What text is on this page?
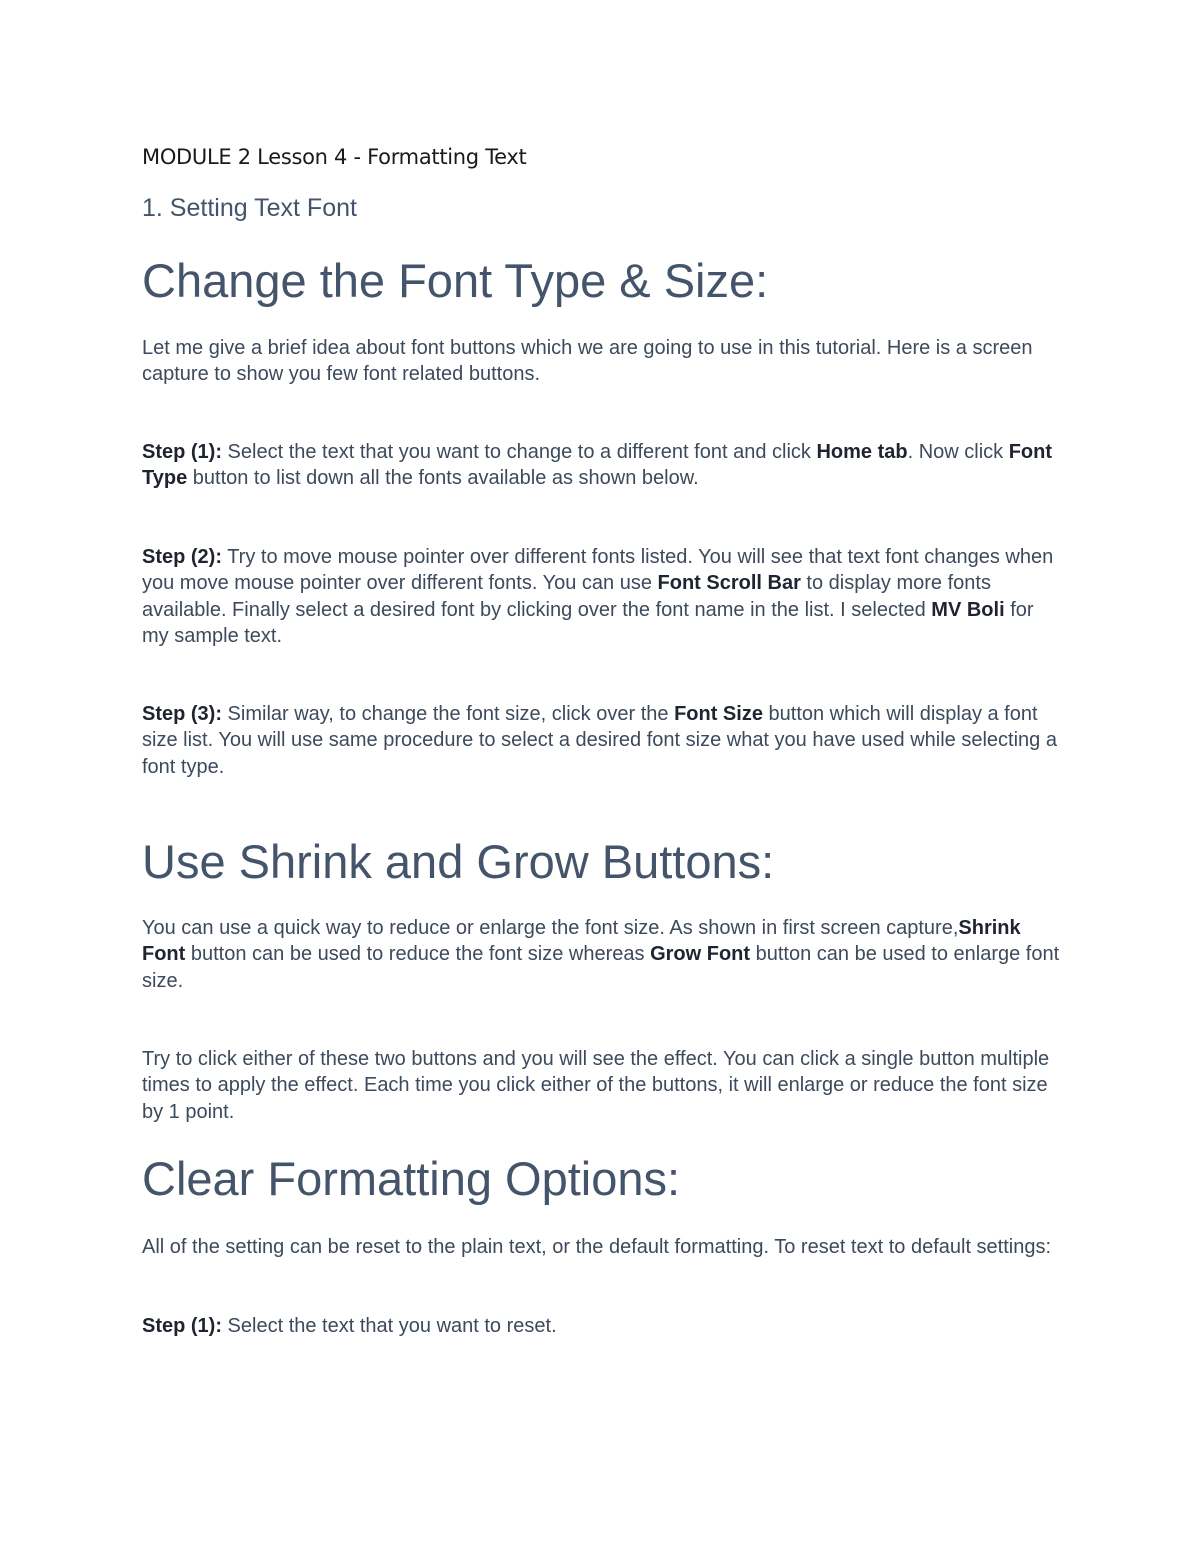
MODULE 2 Lesson 4 - Formatting Text
1. Setting Text Font
Change the Font Type & Size:

Let me give a brief idea about font buttons which we are going to use in this tutorial. Here is a screen capture to show you few font related buttons.

Step (1): Select the text that you want to change to a different font and click Home tab. Now click Font Type button to list down all the fonts available as shown below.

Step (2): Try to move mouse pointer over different fonts listed. You will see that text font changes when you move mouse pointer over different fonts. You can use Font Scroll Bar to display more fonts available. Finally select a desired font by clicking over the font name in the list. I selected MV Boli for my sample text.

Step (3): Similar way, to change the font size, click over the Font Size button which will display a font size list. You will use same procedure to select a desired font size what you have used while selecting a font type.

Use Shrink and Grow Buttons:

You can use a quick way to reduce or enlarge the font size. As shown in first screen capture,Shrink Font button can be used to reduce the font size whereas Grow Font button can be used to enlarge font size.

Try to click either of these two buttons and you will see the effect. You can click a single button multiple times to apply the effect. Each time you click either of the buttons, it will enlarge or reduce the font size by 1 point.

Clear Formatting Options:

All of the setting can be reset to the plain text, or the default formatting. To reset text to default settings:

Step (1): Select the text that you want to reset.
